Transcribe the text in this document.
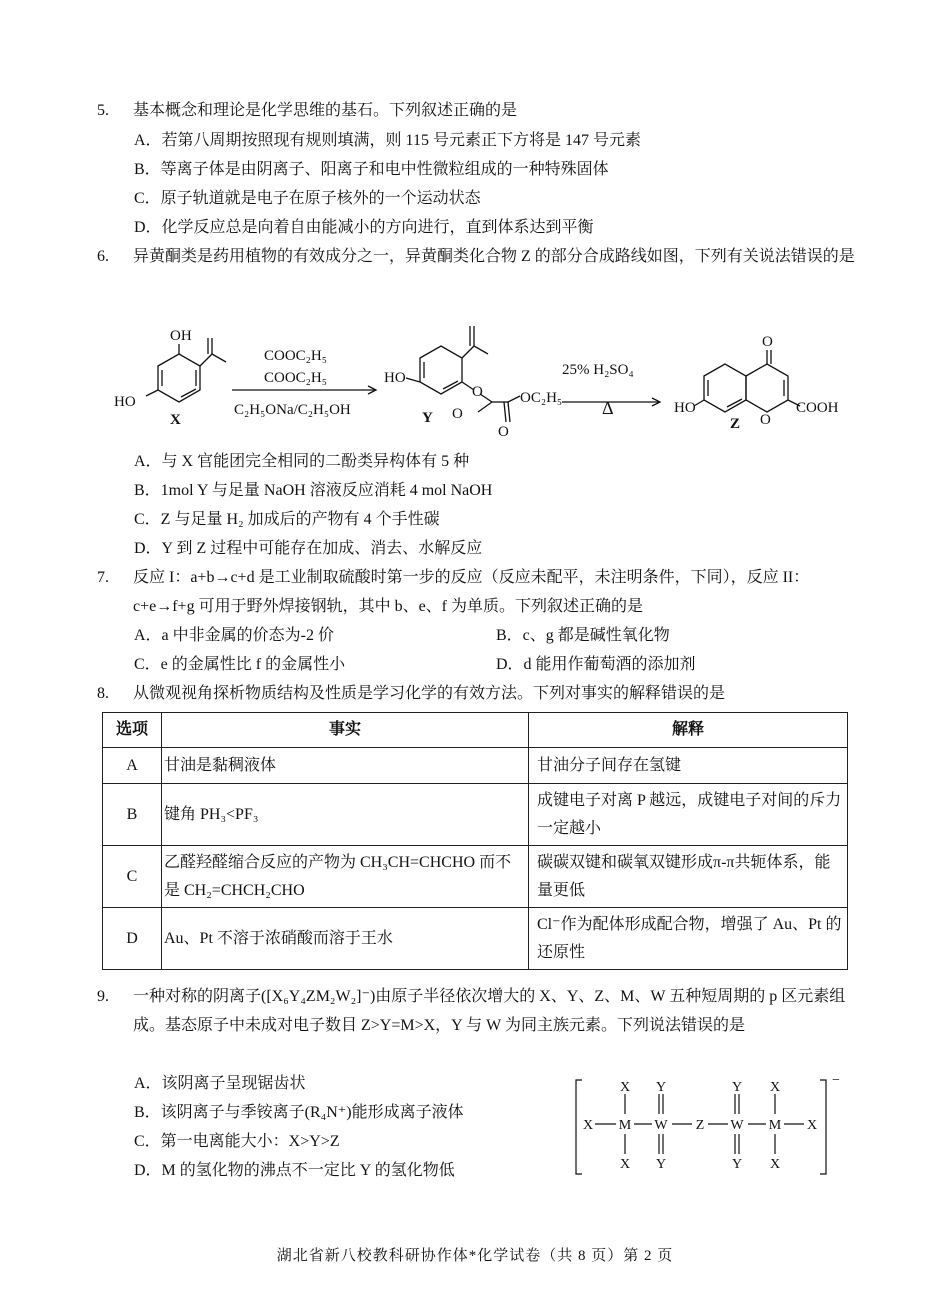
5. 基本概念和理论是化学思维的基石。下列叙述正确的是
A．若第八周期按照现有规则填满，则 115 号元素正下方将是 147 号元素
B．等离子体是由阴离子、阳离子和电中性微粒组成的一种特殊固体
C．原子轨道就是电子在原子核外的一个运动状态
D．化学反应总是向着自由能减小的方向进行，直到体系达到平衡
6. 异黄酮类是药用植物的有效成分之一，异黄酮类化合物 Z 的部分合成路线如图，下列有关说法错误的是
OH
HO
X
COOC₂H₅
COOC₂H₅
C₂H₅ONa/C₂H₅OH
HO
O
O
O
OC₂H₅
Y
25% H₂SO₄
Δ	HO
O
O
COOH
Z
A．与 X 官能团完全相同的二酚类异构体有 5 种
B．1mol Y 与足量 NaOH 溶液反应消耗 4 mol NaOH
C．Z 与足量 H₂ 加成后的产物有 4 个手性碳
D．Y 到 Z 过程中可能存在加成、消去、水解反应
7. 反应 I：a+b→c+d 是工业制取硫酸时第一步的反应（反应未配平，未注明条件，下同），反应 II：c+e→f+g 可用于野外焊接钢轨，其中 b、e、f 为单质。下列叙述正确的是
A．a 中非金属的价态为-2 价	B．c、g 都是碱性氧化物
C．e 的金属性比 f 的金属性小	D．d 能用作葡萄酒的添加剂
8. 从微观视角探析物质结构及性质是学习化学的有效方法。下列对事实的解释错误的是
选项	事实	解释
A	甘油是黏稠液体	甘油分子间存在氢键
B	键角 PH₃<PF₃	成键电子对离 P 越远，成键电子对间的斥力一定越小
C	乙醛羟醛缩合反应的产物为 CH₃CH=CHCHO 而不是 CH₂=CHCH₂CHO	碳碳双键和碳氧双键形成π-π共轭体系，能量更低
D	Au、Pt 不溶于浓硝酸而溶于王水	Cl⁻作为配体形成配合物，增强了 Au、Pt 的还原性
9. 一种对称的阴离子([X₆Y₄ZM₂W₂]⁻)由原子半径依次增大的 X、Y、Z、M、W 五种短周期的 p 区元素组成。基态原子中未成对电子数目 Z>Y=M>X，Y 与 W 为同主族元素。下列说法错误的是
A．该阴离子呈现锯齿状
B．该阴离子与季铵离子(R₄N⁺)能形成离子液体
C．第一电离能大小：X>Y>Z
D．M 的氢化物的沸点不一定比 Y 的氢化物低
X
X
M
X
Y
W
Y
Z
Y
W
Y
X
M
X
X
−
湖北省新八校教科研协作体*化学试卷（共 8 页）第 2 页
